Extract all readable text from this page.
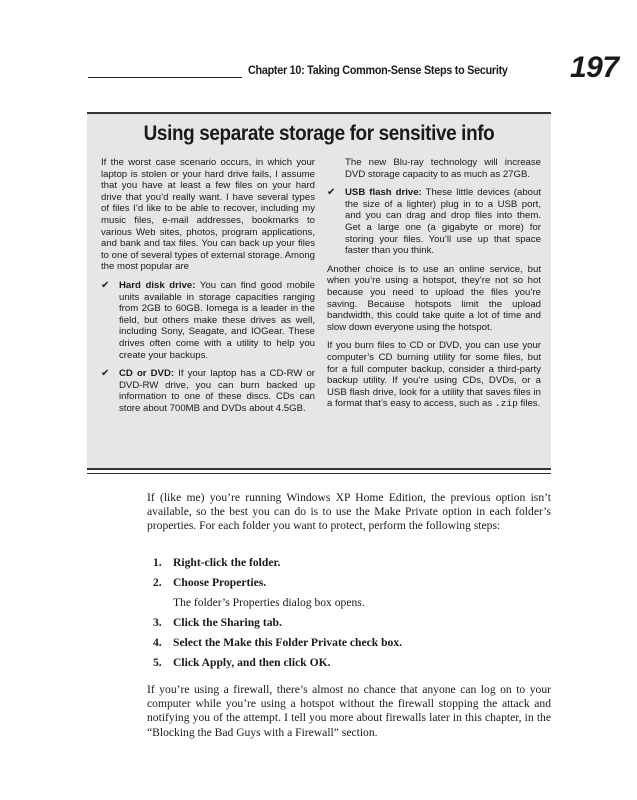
Chapter 10: Taking Common-Sense Steps to Security 197
Using separate storage for sensitive info

If the worst case scenario occurs, in which your laptop is stolen or your hard drive fails, I assume that you have at least a few files on your hard drive that you’d really want. I have several types of files I’d like to be able to recover, including my music files, e-mail addresses, bookmarks to various Web sites, photos, program applications, and bank and tax files. You can back up your files to one of several types of external storage. Among the most popular are

✔ Hard disk drive: You can find good mobile units available in storage capacities ranging from 2GB to 60GB. Iomega is a leader in the field, but others make these drives as well, including Sony, Seagate, and IOGear. These drives often come with a utility to help you create your backups.
✔ CD or DVD: If your laptop has a CD-RW or DVD-RW drive, you can burn backed up information to one of these discs. CDs can store about 700MB and DVDs about 4.5GB.

The new Blu-ray technology will increase DVD storage capacity to as much as 27GB.

✔ USB flash drive: These little devices (about the size of a lighter) plug in to a USB port, and you can drag and drop files into them. Get a large one (a gigabyte or more) for storing your files. You’ll use up that space faster than you think.

Another choice is to use an online service, but when you’re using a hotspot, they’re not so hot because you need to upload the files you’re saving. Because hotspots limit the upload bandwidth, this could take quite a lot of time and slow down everyone using the hotspot.

If you burn files to CD or DVD, you can use your computer’s CD burning utility for some files, but for a full computer backup, consider a third-party backup utility. If you’re using CDs, DVDs, or a USB flash drive, look for a utility that saves files in a format that’s easy to access, such as .zip files.

If (like me) you’re running Windows XP Home Edition, the previous option isn’t available, so the best you can do is to use the Make Private option in each folder’s properties. For each folder you want to protect, perform the following steps:
1. Right-click the folder.
2. Choose Properties.
The folder’s Properties dialog box opens.
3. Click the Sharing tab.
4. Select the Make this Folder Private check box.
5. Click Apply, and then click OK.
If you’re using a firewall, there’s almost no chance that anyone can log on to your computer while you’re using a hotspot without the firewall stopping the attack and notifying you of the attempt. I tell you more about firewalls later in this chapter, in the “Blocking the Bad Guys with a Firewall” section.
